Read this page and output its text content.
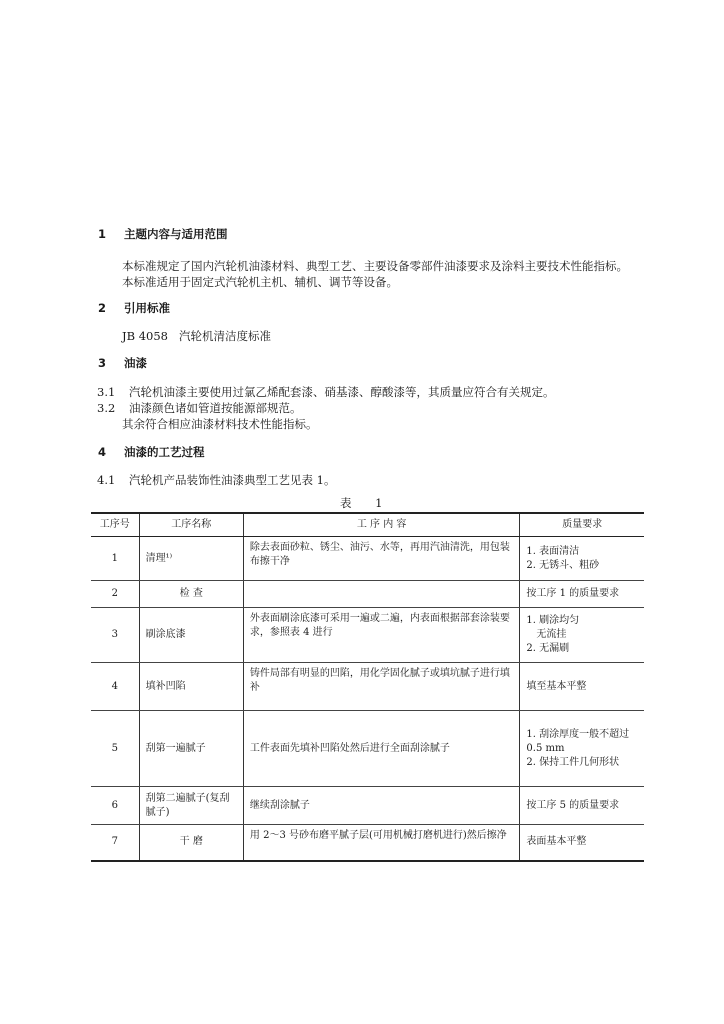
1 主题内容与适用范围
本标准规定了国内汽轮机油漆材料、典型工艺、主要设备零部件油漆要求及涂料主要技术性能指标。
本标准适用于固定式汽轮机主机、辅机、调节等设备。
2 引用标准
JB 4058   汽轮机清洁度标准
3 油漆
3.1 汽轮机油漆主要使用过氯乙烯配套漆、硝基漆、醇酸漆等，其质量应符合有关规定。
3.2 油漆颜色诸如管道按能源部规范。
其余符合相应油漆材料技术性能指标。
4 油漆的工艺过程
4.1 汽轮机产品装饰性油漆典型工艺见表 1。
表 1
工序号	工序名称	工 序 内 容	质量要求
1	清理¹⁾	除去表面砂粒、锈尘、油污、水等，再用汽油清洗，用包装布擦干净	1. 表面清洁
2. 无锈斗、粗砂

2	检 查		按工序 1 的质量要求

3	刷涂底漆	外表面刷涂底漆可采用一遍或二遍，内表面根据部套涂装要求，参照表 4 进行	1. 刷涂均匀
无流挂
2. 无漏刷

4	填补凹陷	铸件局部有明显的凹陷，用化学固化腻子或填坑腻子进行填补	填至基本平整

5	刮第一遍腻子	工件表面先填补凹陷处然后进行全面刮涂腻子	1. 刮涂厚度一般不超过
0.5 mm
2. 保持工件几何形状

6	刮第二遍腻子(复刮腻子)	继续刮涂腻子	按工序 5 的质量要求

7	干 磨	用 2～3 号砂布磨平腻子层(可用机械打磨机进行)然后擦净	表面基本平整
